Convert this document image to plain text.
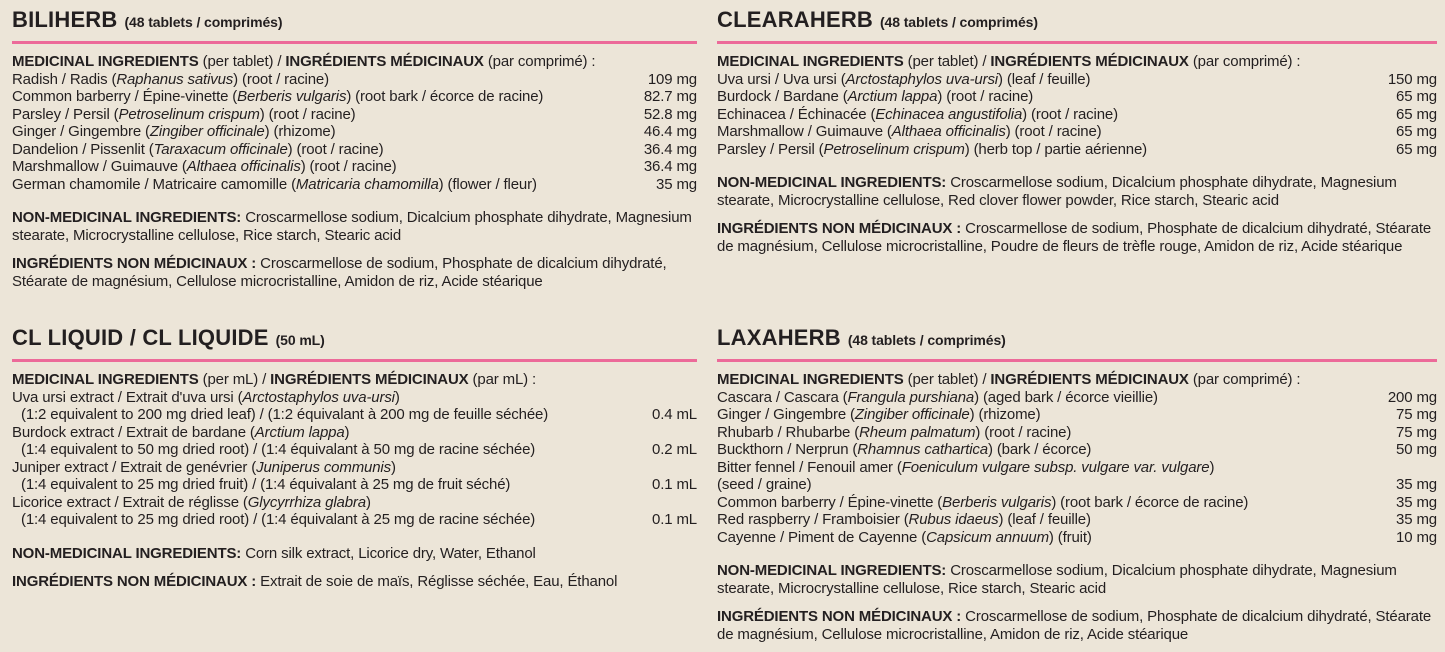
BILIHERB (48 tablets / comprimés)

MEDICINAL INGREDIENTS (per tablet) / INGRÉDIENTS MÉDICINAUX (par comprimé) :

Radish / Radis (Raphanus sativus) (root / racine)	109 mg
Common barberry / Épine-vinette (Berberis vulgaris) (root bark / écorce de racine)	82.7 mg
Parsley / Persil (Petroselinum crispum) (root / racine)	52.8 mg
Ginger / Gingembre (Zingiber officinale) (rhizome)	46.4 mg
Dandelion / Pissenlit (Taraxacum officinale) (root / racine)	36.4 mg
Marshmallow / Guimauve (Althaea officinalis) (root / racine)	36.4 mg
German chamomile / Matricaire camomille (Matricaria chamomilla) (flower / fleur)	35 mg

NON-MEDICINAL INGREDIENTS: Croscarmellose sodium, Dicalcium phosphate dihydrate, Magnesium stearate, Microcrystalline cellulose, Rice starch, Stearic acid

INGRÉDIENTS NON MÉDICINAUX : Croscarmellose de sodium, Phosphate de dicalcium dihydraté, Stéarate de magnésium, Cellulose microcristalline, Amidon de riz, Acide stéarique

CLEARAHERB (48 tablets / comprimés)

MEDICINAL INGREDIENTS (per tablet) / INGRÉDIENTS MÉDICINAUX (par comprimé) :

Uva ursi / Uva ursi (Arctostaphylos uva-ursi) (leaf / feuille)	150 mg
Burdock / Bardane (Arctium lappa) (root / racine)	65 mg
Echinacea / Échinacée (Echinacea angustifolia) (root / racine)	65 mg
Marshmallow / Guimauve (Althaea officinalis) (root / racine)	65 mg
Parsley / Persil (Petroselinum crispum) (herb top / partie aérienne)	65 mg

NON-MEDICINAL INGREDIENTS: Croscarmellose sodium, Dicalcium phosphate dihydrate, Magnesium stearate, Microcrystalline cellulose, Red clover flower powder, Rice starch, Stearic acid

INGRÉDIENTS NON MÉDICINAUX : Croscarmellose de sodium, Phosphate de dicalcium dihydraté, Stéarate de magnésium, Cellulose microcristalline, Poudre de fleurs de trèfle rouge, Amidon de riz, Acide stéarique

CL LIQUID / CL LIQUIDE (50 mL)

MEDICINAL INGREDIENTS (per mL) / INGRÉDIENTS MÉDICINAUX (par mL) :

Uva ursi extract / Extrait d'uva ursi (Arctostaphylos uva-ursi)
(1:2 equivalent to 200 mg dried leaf) / (1:2 équivalant à 200 mg de feuille séchée)	0.4 mL
Burdock extract / Extrait de bardane (Arctium lappa)
(1:4 equivalent to 50 mg dried root) / (1:4 équivalant à 50 mg de racine séchée)	0.2 mL
Juniper extract / Extrait de genévrier (Juniperus communis)
(1:4 equivalent to 25 mg dried fruit) / (1:4 équivalant à 25 mg de fruit séché)	0.1 mL
Licorice extract / Extrait de réglisse (Glycyrrhiza glabra)
(1:4 equivalent to 25 mg dried root) / (1:4 équivalant à 25 mg de racine séchée)	0.1 mL

NON-MEDICINAL INGREDIENTS: Corn silk extract, Licorice dry, Water, Ethanol

INGRÉDIENTS NON MÉDICINAUX : Extrait de soie de maïs, Réglisse séchée, Eau, Éthanol

LAXAHERB (48 tablets / comprimés)

MEDICINAL INGREDIENTS (per tablet) / INGRÉDIENTS MÉDICINAUX (par comprimé) :

Cascara / Cascara (Frangula purshiana) (aged bark / écorce vieillie)	200 mg
Ginger / Gingembre (Zingiber officinale) (rhizome)	75 mg
Rhubarb / Rhubarbe (Rheum palmatum) (root / racine)	75 mg
Buckthorn / Nerprun (Rhamnus cathartica) (bark / écorce)	50 mg
Bitter fennel / Fenouil amer (Foeniculum vulgare subsp. vulgare var. vulgare)
(seed / graine)	35 mg
Common barberry / Épine-vinette (Berberis vulgaris) (root bark / écorce de racine)	35 mg
Red raspberry / Framboisier (Rubus idaeus) (leaf / feuille)	35 mg
Cayenne / Piment de Cayenne (Capsicum annuum) (fruit)	10 mg

NON-MEDICINAL INGREDIENTS: Croscarmellose sodium, Dicalcium phosphate dihydrate, Magnesium stearate, Microcrystalline cellulose, Rice starch, Stearic acid

INGRÉDIENTS NON MÉDICINAUX : Croscarmellose de sodium, Phosphate de dicalcium dihydraté, Stéarate de magnésium, Cellulose microcristalline, Amidon de riz, Acide stéarique
